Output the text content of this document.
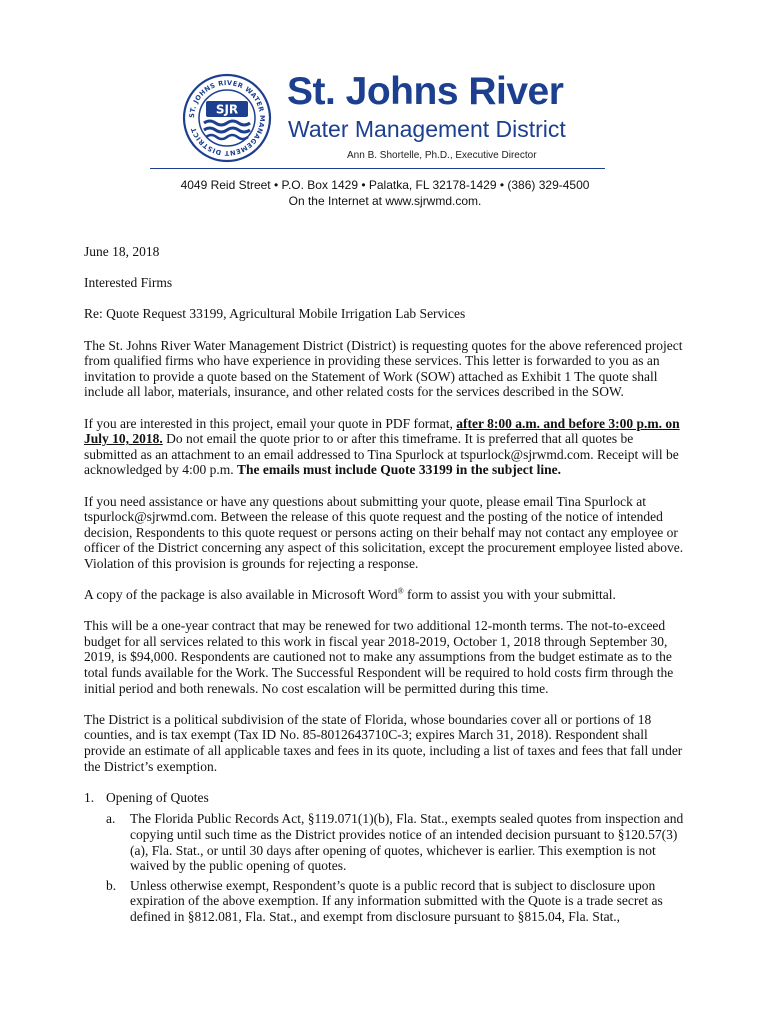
ST. JOHNS RIVER WATER MANAGEMENT DISTRICT
SJR St. Johns River
Water Management District
Ann B. Shortelle, Ph.D., Executive Director
4049 Reid Street • P.O. Box 1429 • Palatka, FL 32178-1429 • (386) 329-4500
On the Internet at www.sjrwmd.com.

June 18, 2018

Interested Firms

Re: Quote Request 33199, Agricultural Mobile Irrigation Lab Services

The St. Johns River Water Management District (District) is requesting quotes for the above referenced project from qualified firms who have experience in providing these services. This letter is forwarded to you as an invitation to provide a quote based on the Statement of Work (SOW) attached as Exhibit 1 The quote shall include all labor, materials, insurance, and other related costs for the services described in the SOW.

If you are interested in this project, email your quote in PDF format, after 8:00 a.m. and before 3:00 p.m. on July 10, 2018. Do not email the quote prior to or after this timeframe. It is preferred that all quotes be submitted as an attachment to an email addressed to Tina Spurlock at tspurlock@sjrwmd.com. Receipt will be acknowledged by 4:00 p.m. The emails must include Quote 33199 in the subject line.

If you need assistance or have any questions about submitting your quote, please email Tina Spurlock at tspurlock@sjrwmd.com. Between the release of this quote request and the posting of the notice of intended decision, Respondents to this quote request or persons acting on their behalf may not contact any employee or officer of the District concerning any aspect of this solicitation, except the procurement employee listed above. Violation of this provision is grounds for rejecting a response.

A copy of the package is also available in Microsoft Word® form to assist you with your submittal.

This will be a one-year contract that may be renewed for two additional 12-month terms. The not-to-exceed budget for all services related to this work in fiscal year 2018-2019, October 1, 2018 through September 30, 2019, is $94,000. Respondents are cautioned not to make any assumptions from the budget estimate as to the total funds available for the Work. The Successful Respondent will be required to hold costs firm through the initial period and both renewals. No cost escalation will be permitted during this time.

The District is a political subdivision of the state of Florida, whose boundaries cover all or portions of 18 counties, and is tax exempt (Tax ID No. 85-8012643710C-3; expires March 31, 2018). Respondent shall provide an estimate of all applicable taxes and fees in its quote, including a list of taxes and fees that fall under the District’s exemption.

1. Opening of Quotes
a.	The Florida Public Records Act, §119.071(1)(b), Fla. Stat., exempts sealed quotes from inspection and copying until such time as the District provides notice of an intended decision pursuant to §120.57(3)(a), Fla. Stat., or until 30 days after opening of quotes, whichever is earlier. This exemption is not waived by the public opening of quotes.
b.	Unless otherwise exempt, Respondent’s quote is a public record that is subject to disclosure upon expiration of the above exemption. If any information submitted with the Quote is a trade secret as defined in §812.081, Fla. Stat., and exempt from disclosure pursuant to §815.04, Fla. Stat.,
